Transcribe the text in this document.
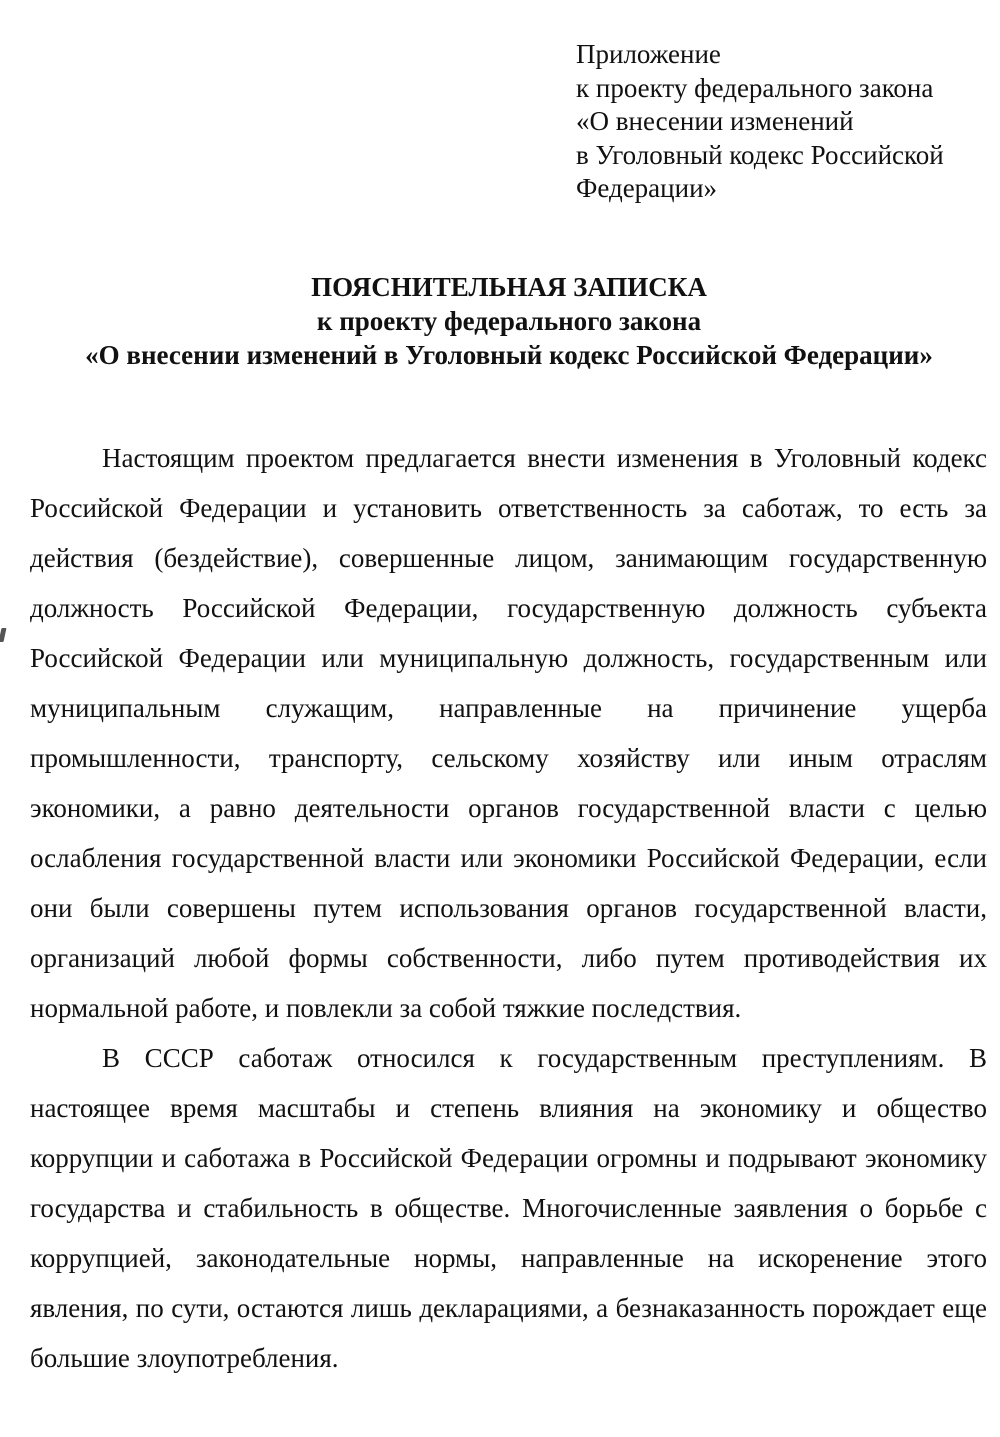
Приложение
к проекту федерального закона
«О внесении изменений
в Уголовный кодекс Российской
Федерации»
ПОЯСНИТЕЛЬНАЯ ЗАПИСКА
к проекту федерального закона
«О внесении изменений в Уголовный кодекс Российской Федерации»

Настоящим проектом предлагается внести изменения в Уголовный кодекс Российской Федерации и установить ответственность за саботаж, то есть за действия (бездействие), совершенные лицом, занимающим государственную должность Российской Федерации, государственную должность субъекта Российской Федерации или муниципальную должность, государственным или муниципальным служащим, направленные на причинение ущерба промышленности, транспорту, сельскому хозяйству или иным отраслям экономики, а равно деятельности органов государственной власти с целью ослабления государственной власти или экономики Российской Федерации, если они были совершены путем использования органов государственной власти, организаций любой формы собственности, либо путем противодействия их нормальной работе, и повлекли за собой тяжкие последствия.

В СССР саботаж относился к государственным преступлениям. В настоящее время масштабы и степень влияния на экономику и общество коррупции и саботажа в Российской Федерации огромны и подрывают экономику государства и стабильность в обществе. Многочисленные заявления о борьбе с коррупцией, законодательные нормы, направленные на искоренение этого явления, по сути, остаются лишь декларациями, а безнаказанность порождает еще большие злоупотребления.
